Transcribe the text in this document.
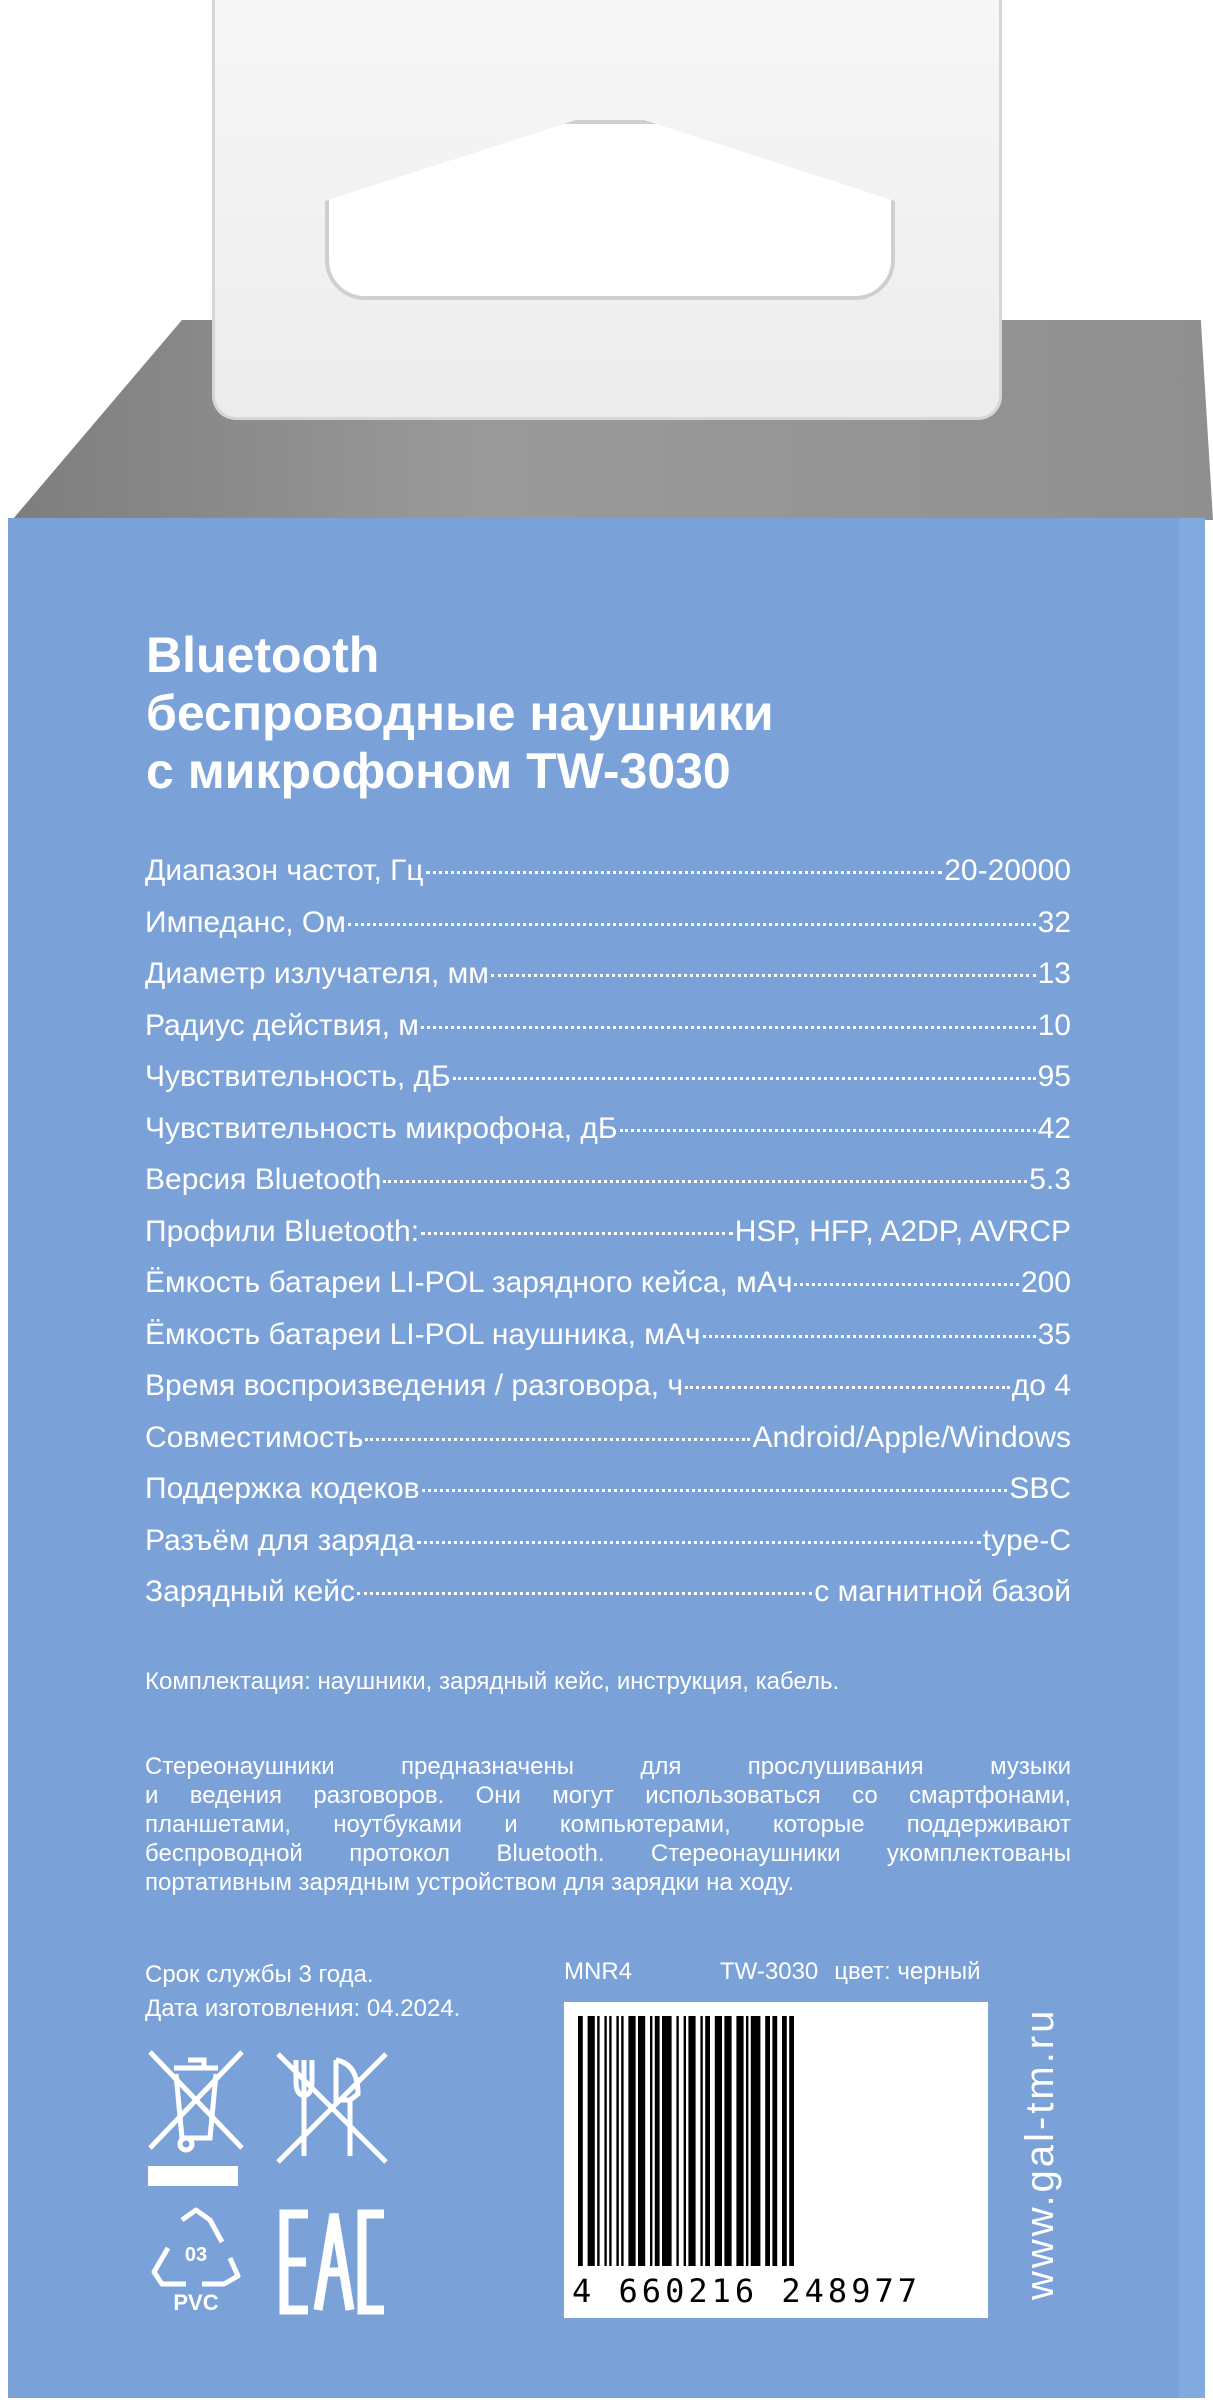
Bluetooth
беспроводные наушники
с микрофоном TW-3030
Диапазон частот, Гц	20-20000
Импеданс, Ом	32
Диаметр излучателя, мм	13
Радиус действия, м	10
Чувствительность, дБ	95
Чувствительность микрофона, дБ	42
Версия Bluetooth	5.3
Профили Bluetooth:	HSP, HFP, A2DP, AVRCP
Ёмкость батареи LI-POL зарядного кейса, мАч	200
Ёмкость батареи LI-POL наушника, мАч	35
Время воспроизведения / разговора, ч	до 4
Совместимость	Android/Apple/Windows
Поддержка кодеков	SBC
Разъём для заряда	type-C
Зарядный кейс	с магнитной базой
Комплектация: наушники, зарядный кейс, инструкция, кабель.
Стереонаушники предназначены для прослушивания музыки
и ведения разговоров. Они могут использоваться со смартфонами,
планшетами, ноутбуками и компьютерами, которые поддерживают
беспроводной протокол Bluetooth. Стереонаушники укомплектованы
портативным зарядным устройством для зарядки на ходу.
Срок службы 3 года.
Дата изготовления: 04.2024.
MNR4	TW-3030 цвет: черный
03
PVC	4 660216 248977	www.gal-tm.ru
